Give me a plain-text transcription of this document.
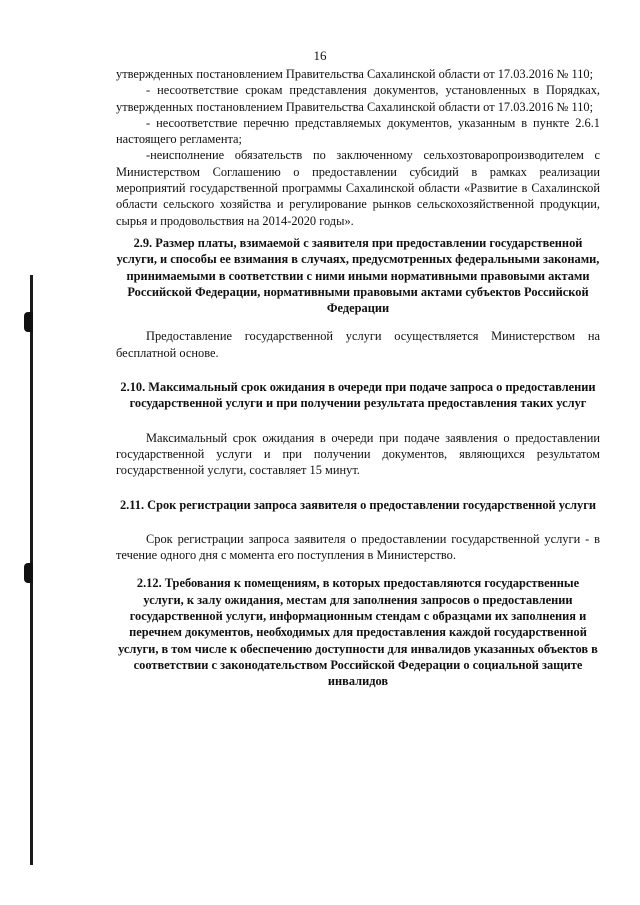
16

утвержденных постановлением Правительства Сахалинской области от 17.03.2016 № 110;

- несоответствие срокам представления документов, установленных в Порядках, утвержденных постановлением Правительства Сахалинской области от 17.03.2016 № 110;

- несоответствие перечню представляемых документов, указанным в пункте 2.6.1 настоящего регламента;

-неисполнение обязательств по заключенному сельхозтоваропроизводителем с Министерством Соглашению о предоставлении субсидий в рамках реализации мероприятий государственной программы Сахалинской области «Развитие в Сахалинской области сельского хозяйства и регулирование рынков сельскохозяйственной продукции, сырья и продовольствия на 2014-2020 годы».

2.9. Размер платы, взимаемой с заявителя при предоставлении государственной услуги, и способы ее взимания в случаях, предусмотренных федеральными законами, принимаемыми в соответствии с ними иными нормативными правовыми актами Российской Федерации, нормативными правовыми актами субъектов Российской Федерации

Предоставление государственной услуги осуществляется Министерством на бесплатной основе.

2.10. Максимальный срок ожидания в очереди при подаче запроса о предоставлении государственной услуги и при получении результата предоставления таких услуг

Максимальный срок ожидания в очереди при подаче заявления о предоставлении государственной услуги и при получении документов, являющихся результатом государственной услуги, составляет 15 минут.

2.11. Срок регистрации запроса заявителя о предоставлении государственной услуги

Срок регистрации запроса заявителя о предоставлении государственной услуги - в течение одного дня с момента его поступления в Министерство.

2.12. Требования к помещениям, в которых предоставляются государственные услуги, к залу ожидания, местам для заполнения запросов о предоставлении государственной услуги, информационным стендам с образцами их заполнения и перечнем документов, необходимых для предоставления каждой государственной услуги, в том числе к обеспечению доступности для инвалидов указанных объектов в соответствии с законодательством Российской Федерации о социальной защите инвалидов
